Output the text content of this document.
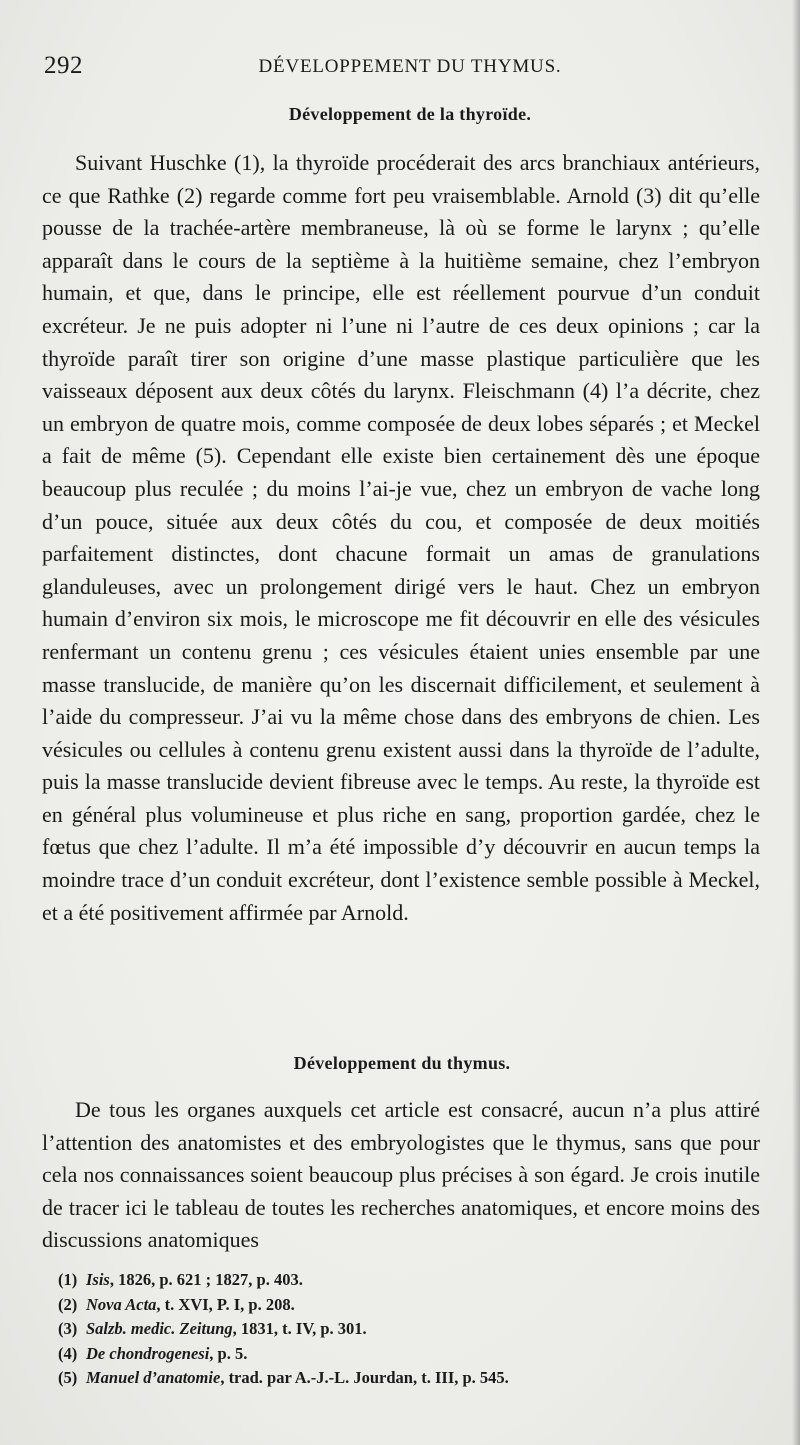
292	DÉVELOPPEMENT DU THYMUS.
Développement de la thyroïde.

Suivant Huschke (1), la thyroïde procéderait des arcs branchiaux antérieurs, ce que Rathke (2) regarde comme fort peu vraisemblable. Arnold (3) dit qu’elle pousse de la trachée-artère membraneuse, là où se forme le larynx ; qu’elle apparaît dans le cours de la septième à la huitième semaine, chez l’embryon humain, et que, dans le principe, elle est réellement pourvue d’un conduit excréteur. Je ne puis adopter ni l’une ni l’autre de ces deux opinions ; car la thyroïde paraît tirer son origine d’une masse plastique particulière que les vaisseaux déposent aux deux côtés du larynx. Fleischmann (4) l’a décrite, chez un embryon de quatre mois, comme composée de deux lobes séparés ; et Meckel a fait de même (5). Cependant elle existe bien certainement dès une époque beaucoup plus reculée ; du moins l’ai-je vue, chez un embryon de vache long d’un pouce, située aux deux côtés du cou, et composée de deux moitiés parfaitement distinctes, dont chacune formait un amas de granulations glanduleuses, avec un prolongement dirigé vers le haut. Chez un embryon humain d’environ six mois, le microscope me fit découvrir en elle des vésicules renfermant un contenu grenu ; ces vésicules étaient unies ensemble par une masse translucide, de manière qu’on les discernait difficilement, et seulement à l’aide du compresseur. J’ai vu la même chose dans des embryons de chien. Les vésicules ou cellules à contenu grenu existent aussi dans la thyroïde de l’adulte, puis la masse translucide devient fibreuse avec le temps. Au reste, la thyroïde est en général plus volumineuse et plus riche en sang, proportion gardée, chez le fœtus que chez l’adulte. Il m’a été impossible d’y découvrir en aucun temps la moindre trace d’un conduit excréteur, dont l’existence semble possible à Meckel, et a été positivement affirmée par Arnold.

Développement du thymus.

De tous les organes auxquels cet article est consacré, aucun n’a plus attiré l’attention des anatomistes et des embryologistes que le thymus, sans que pour cela nos connaissances soient beaucoup plus précises à son égard. Je crois inutile de tracer ici le tableau de toutes les recherches anatomiques, et encore moins des discussions anatomiques

(1) Isis, 1826, p. 621 ; 1827, p. 403.
(2) Nova Acta, t. XVI, P. I, p. 208.
(3) Salzb. medic. Zeitung, 1831, t. IV, p. 301.
(4) De chondrogenesi, p. 5.
(5) Manuel d’anatomie, trad. par A.-J.-L. Jourdan, t. III, p. 545.
